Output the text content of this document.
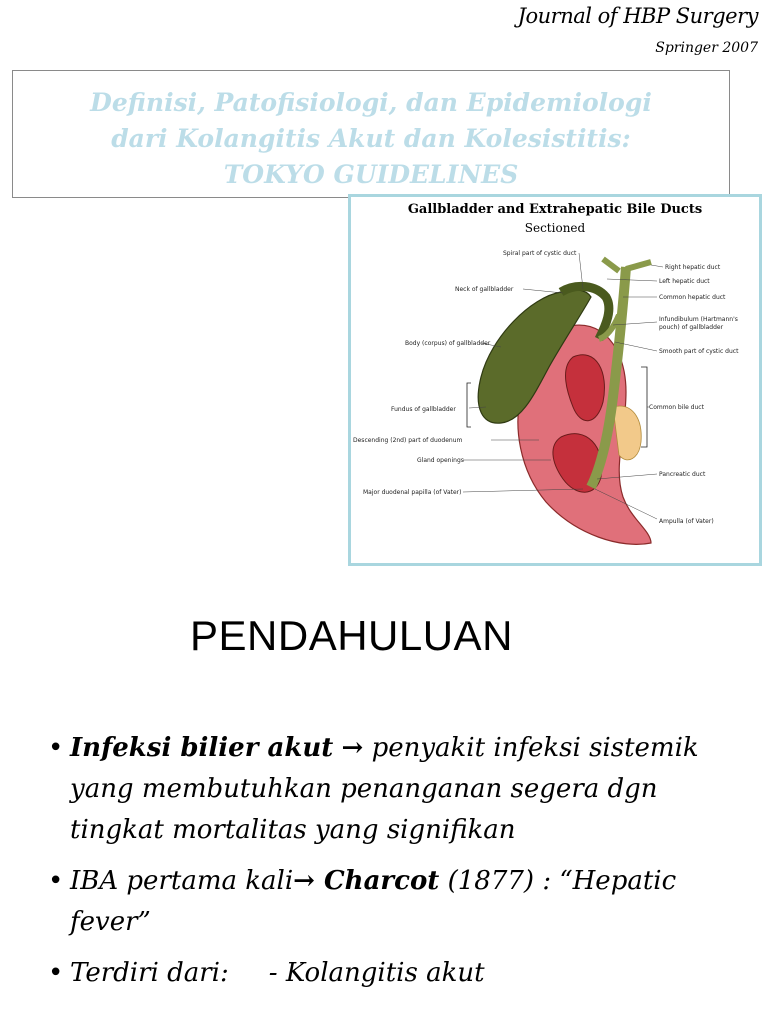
Journal of HBP Surgery
Springer 2007
Definisi, Patofisiologi, dan Epidemiologi
dari Kolangitis Akut dan Kolesistitis:
TOKYO GUIDELINES
Gallbladder and Extrahepatic Bile Ducts
Sectioned
Spiral part of cystic duct
Neck of gallbladder
Body (corpus) of gallbladder
Fundus of gallbladder
Descending (2nd) part of duodenum
Gland openings
Major duodenal papilla (of Vater)
Right hepatic duct
Left hepatic duct
Common hepatic duct
Infundibulum (Hartmann's
pouch) of gallbladder
Smooth part of cystic duct
Common bile duct
Pancreatic duct
Ampulla (of Vater)
PENDAHULUAN
• Infeksi bilier akut → penyakit infeksi sistemik yang membutuhkan penanganan segera dgn tingkat mortalitas yang signifikan
• IBA pertama kali→ Charcot (1877) : “Hepatic fever”
• Terdiri dari: - Kolangitis akut
